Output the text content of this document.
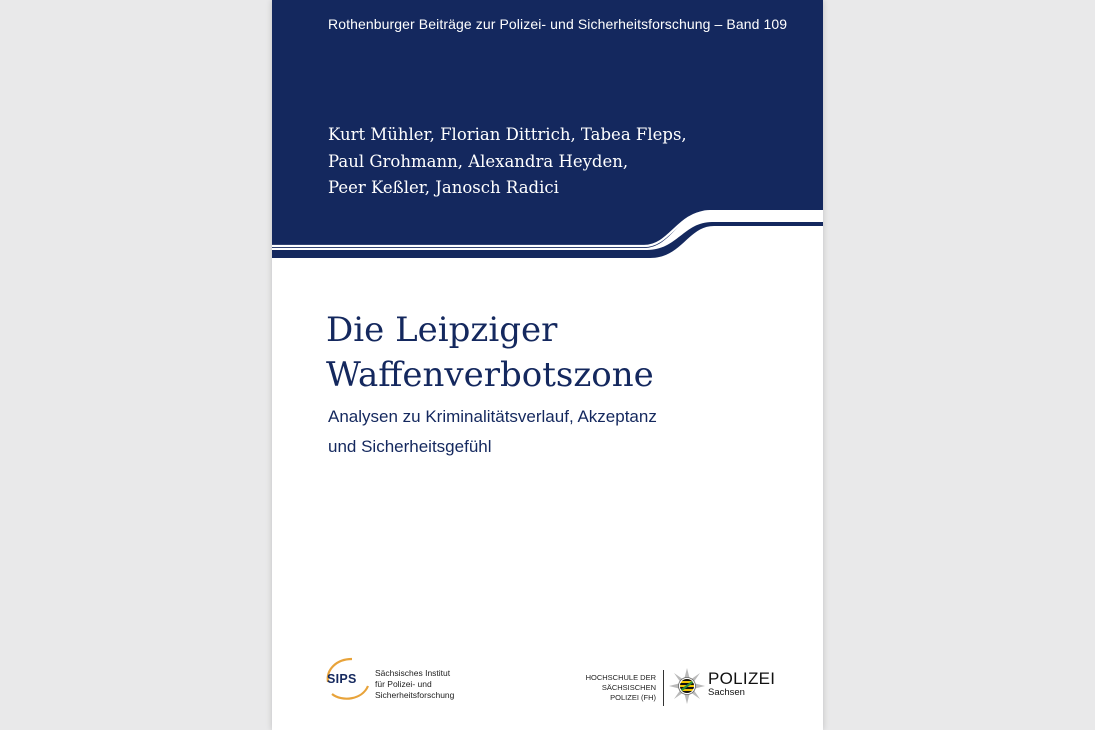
Rothenburger Beiträge zur Polizei- und Sicherheitsforschung – Band 109
Kurt Mühler, Florian Dittrich, Tabea Fleps,
Paul Grohmann, Alexandra Heyden,
Peer Keßler, Janosch Radici
Die Leipziger
Waffenverbotszone
Analysen zu Kriminalitätsverlauf, Akzeptanz
und Sicherheitsgefühl
SIPS Sächsisches Institut
für Polizei- und
Sicherheitsforschung
HOCHSCHULE DER
SÄCHSISCHEN
POLIZEI (FH)
POLIZEI
Sachsen
